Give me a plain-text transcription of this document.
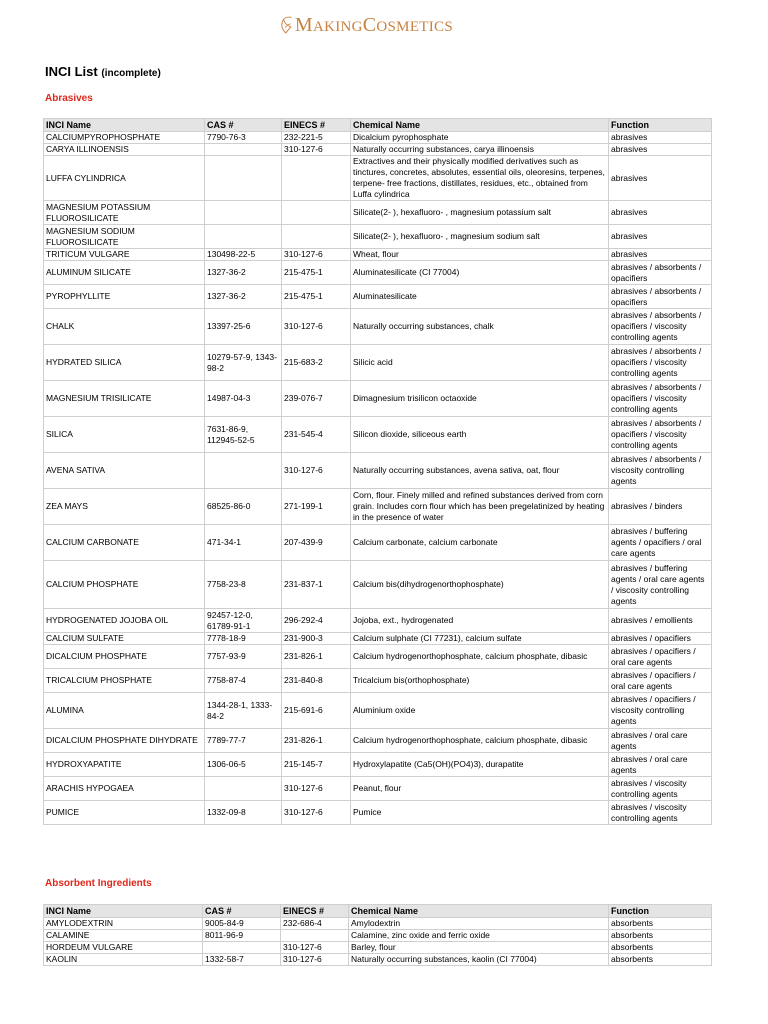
MAKINGCOSMETICS
INCI List (incomplete)
Abrasives
INCI Name	CAS #	EINECS #	Chemical Name	Function
CALCIUMPYROPHOSPHATE	7790-76-3	232-221-5	Dicalcium pyrophosphate	abrasives
CARYA ILLINOENSIS		310-127-6	Naturally occurring substances, carya illinoensis	abrasives
LUFFA CYLINDRICA			Extractives and their physically modified derivatives such as tinctures, concretes, absolutes, essential oils, oleoresins, terpenes, terpene- free fractions, distillates, residues, etc., obtained from Luffa cylindrica	abrasives
MAGNESIUM POTASSIUM FLUOROSILICATE			Silicate(2- ), hexafluoro- , magnesium potassium salt	abrasives
MAGNESIUM SODIUM FLUOROSILICATE			Silicate(2- ), hexafluoro- , magnesium sodium salt	abrasives
TRITICUM VULGARE	130498-22-5	310-127-6	Wheat, flour	abrasives
ALUMINUM SILICATE	1327-36-2	215-475-1	Aluminatesilicate (CI 77004)	abrasives / absorbents / opacifiers
PYROPHYLLITE	1327-36-2	215-475-1	Aluminatesilicate	abrasives / absorbents / opacifiers
CHALK	13397-25-6	310-127-6	Naturally occurring substances, chalk	abrasives / absorbents / opacifiers / viscosity controlling agents
HYDRATED SILICA	10279-57-9, 1343-98-2	215-683-2	Silicic acid	abrasives / absorbents / opacifiers / viscosity controlling agents
MAGNESIUM TRISILICATE	14987-04-3	239-076-7	Dimagnesium trisilicon octaoxide	abrasives / absorbents / opacifiers / viscosity controlling agents
SILICA	7631-86-9, 112945-52-5	231-545-4	Silicon dioxide, siliceous earth	abrasives / absorbents / opacifiers / viscosity controlling agents
AVENA SATIVA		310-127-6	Naturally occurring substances, avena sativa, oat, flour	abrasives / absorbents / viscosity controlling agents
ZEA MAYS	68525-86-0	271-199-1	Corn, flour. Finely milled and refined substances derived from corn grain. Includes corn flour which has been pregelatinized by heating in the presence of water	abrasives / binders
CALCIUM CARBONATE	471-34-1	207-439-9	Calcium carbonate, calcium carbonate	abrasives / buffering agents / opacifiers / oral care agents
CALCIUM PHOSPHATE	7758-23-8	231-837-1	Calcium bis(dihydrogenorthophosphate)	abrasives / buffering agents / oral care agents / viscosity controlling agents
HYDROGENATED JOJOBA OIL	92457-12-0, 61789-91-1	296-292-4	Jojoba, ext., hydrogenated	abrasives / emollients
CALCIUM SULFATE	7778-18-9	231-900-3	Calcium sulphate (CI 77231), calcium sulfate	abrasives / opacifiers
DICALCIUM PHOSPHATE	7757-93-9	231-826-1	Calcium hydrogenorthophosphate, calcium phosphate, dibasic	abrasives / opacifiers / oral care agents
TRICALCIUM PHOSPHATE	7758-87-4	231-840-8	Tricalcium bis(orthophosphate)	abrasives / opacifiers / oral care agents
ALUMINA	1344-28-1, 1333-84-2	215-691-6	Aluminium oxide	abrasives / opacifiers / viscosity controlling agents
DICALCIUM PHOSPHATE DIHYDRATE	7789-77-7	231-826-1	Calcium hydrogenorthophosphate, calcium phosphate, dibasic	abrasives / oral care agents
HYDROXYAPATITE	1306-06-5	215-145-7	Hydroxylapatite (Ca5(OH)(PO4)3), durapatite	abrasives / oral care agents
ARACHIS HYPOGAEA		310-127-6	Peanut, flour	abrasives / viscosity controlling agents
PUMICE	1332-09-8	310-127-6	Pumice	abrasives / viscosity controlling agents
Absorbent Ingredients
INCI Name	CAS #	EINECS #	Chemical Name	Function
AMYLODEXTRIN	9005-84-9	232-686-4	Amylodextrin	absorbents
CALAMINE	8011-96-9		Calamine, zinc oxide and ferric oxide	absorbents
HORDEUM VULGARE		310-127-6	Barley, flour	absorbents
KAOLIN	1332-58-7	310-127-6	Naturally occurring substances, kaolin (CI 77004)	absorbents
